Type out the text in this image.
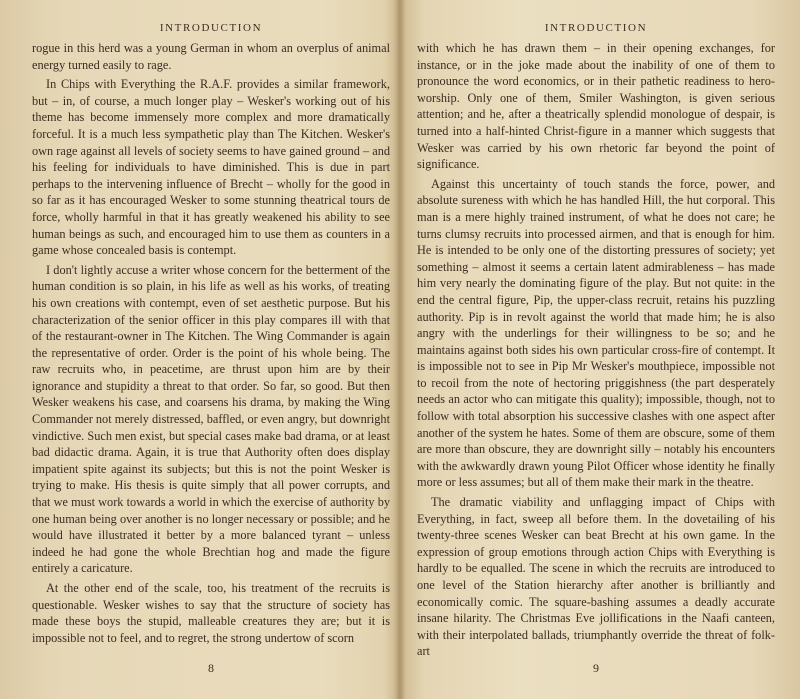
INTRODUCTION

rogue in this herd was a young German in whom an overplus of animal energy turned easily to rage.

In Chips with Everything the R.A.F. provides a similar framework, but – in, of course, a much longer play – Wesker's working out of his theme has become immensely more complex and more dramatically forceful. It is a much less sympathetic play than The Kitchen. Wesker's own rage against all levels of society seems to have gained ground – and his feeling for individuals to have diminished. This is due in part perhaps to the intervening influence of Brecht – wholly for the good in so far as it has encouraged Wesker to some stunning theatrical tours de force, wholly harmful in that it has greatly weakened his ability to see human beings as such, and encouraged him to use them as counters in a game whose concealed basis is contempt.

I don't lightly accuse a writer whose concern for the betterment of the human condition is so plain, in his life as well as his works, of treating his own creations with contempt, even of set aesthetic purpose. But his characterization of the senior officer in this play compares ill with that of the restaurant-owner in The Kitchen. The Wing Commander is again the representative of order. Order is the point of his whole being. The raw recruits who, in peacetime, are thrust upon him are by their ignorance and stupidity a threat to that order. So far, so good. But then Wesker weakens his case, and coarsens his drama, by making the Wing Commander not merely distressed, baffled, or even angry, but downright vindictive. Such men exist, but special cases make bad drama, or at least bad didactic drama. Again, it is true that Authority often does display impatient spite against its subjects; but this is not the point Wesker is trying to make. His thesis is quite simply that all power corrupts, and that we must work towards a world in which the exercise of authority by one human being over another is no longer necessary or possible; and he would have illustrated it better by a more balanced tyrant – unless indeed he had gone the whole Brechtian hog and made the figure entirely a caricature.

At the other end of the scale, too, his treatment of the recruits is questionable. Wesker wishes to say that the structure of society has made these boys the stupid, malleable creatures they are; but it is impossible not to feel, and to regret, the strong undertow of scorn

8
INTRODUCTION

with which he has drawn them – in their opening exchanges, for instance, or in the joke made about the inability of one of them to pronounce the word economics, or in their pathetic readiness to hero-worship. Only one of them, Smiler Washington, is given serious attention; and he, after a theatrically splendid monologue of despair, is turned into a half-hinted Christ-figure in a manner which suggests that Wesker was carried by his own rhetoric far beyond the point of significance.

Against this uncertainty of touch stands the force, power, and absolute sureness with which he has handled Hill, the hut corporal. This man is a mere highly trained instrument, of what he does not care; he turns clumsy recruits into processed airmen, and that is enough for him. He is intended to be only one of the distorting pressures of society; yet something – almost it seems a certain latent admirableness – has made him very nearly the dominating figure of the play. But not quite: in the end the central figure, Pip, the upper-class recruit, retains his puzzling authority. Pip is in revolt against the world that made him; he is also angry with the underlings for their willingness to be so; and he maintains against both sides his own particular cross-fire of contempt. It is impossible not to see in Pip Mr Wesker's mouthpiece, impossible not to recoil from the note of hectoring priggishness (the part desperately needs an actor who can mitigate this quality); impossible, though, not to follow with total absorption his successive clashes with one aspect after another of the system he hates. Some of them are obscure, some of them are more than obscure, they are downright silly – notably his encounters with the awkwardly drawn young Pilot Officer whose identity he finally more or less assumes; but all of them make their mark in the theatre.

The dramatic viability and unflagging impact of Chips with Everything, in fact, sweep all before them. In the dovetailing of his twenty-three scenes Wesker can beat Brecht at his own game. In the expression of group emotions through action Chips with Everything is hardly to be equalled. The scene in which the recruits are introduced to one level of the Station hierarchy after another is brilliantly and economically comic. The square-bashing assumes a deadly accurate insane hilarity. The Christmas Eve jollifications in the Naafi canteen, with their interpolated ballads, triumphantly override the threat of folk-art

9
